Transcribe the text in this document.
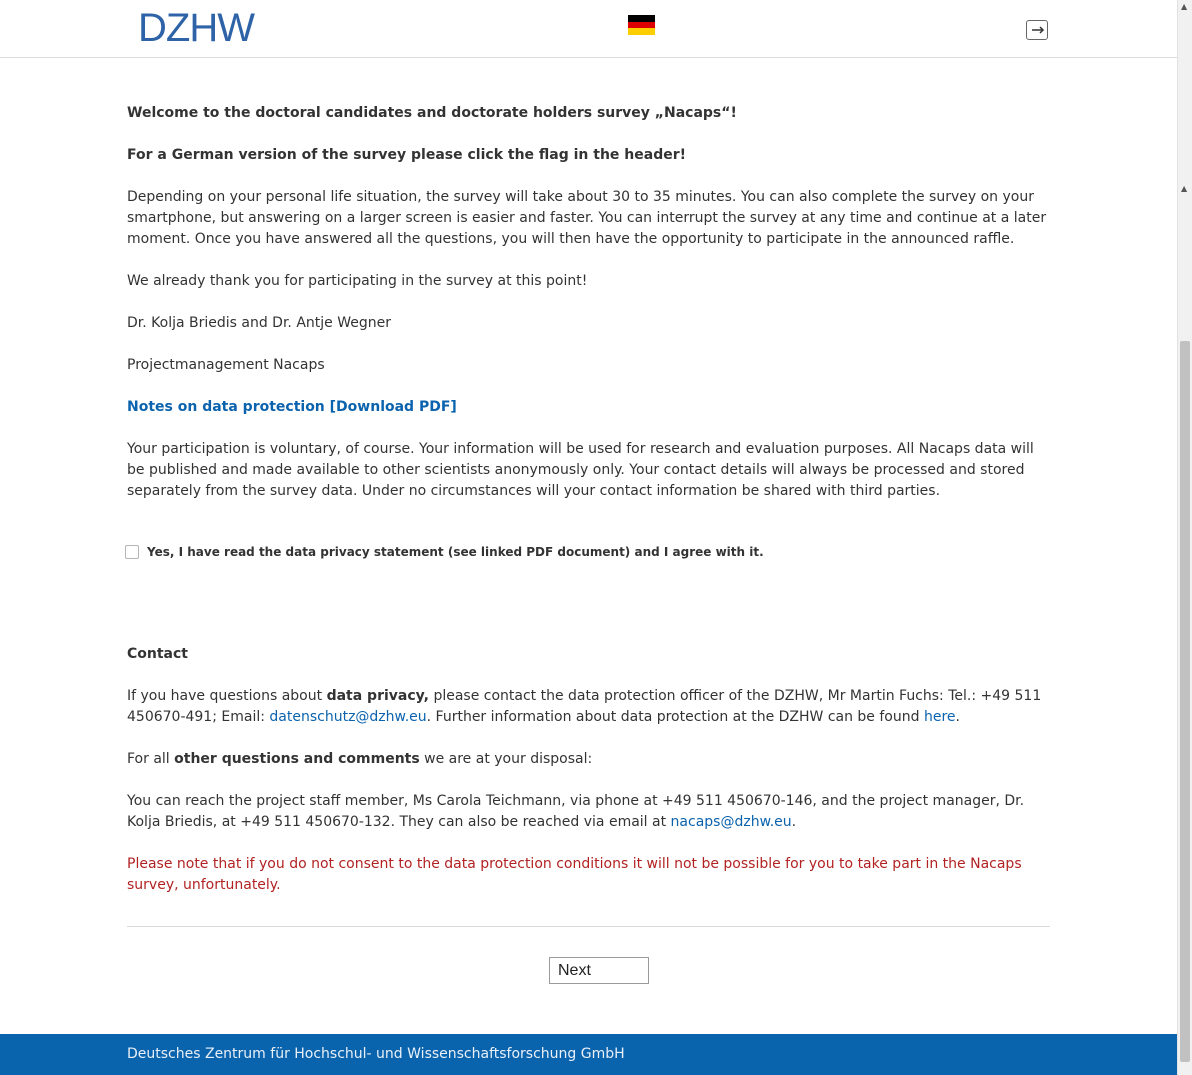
DZHW

Welcome to the doctoral candidates and doctorate holders survey „Nacaps“!

For a German version of the survey please click the flag in the header!

Depending on your personal life situation, the survey will take about 30 to 35 minutes. You can also complete the survey on your smartphone, but answering on a larger screen is easier and faster. You can interrupt the survey at any time and continue at a later moment. Once you have answered all the questions, you will then have the opportunity to participate in the announced raffle.

We already thank you for participating in the survey at this point!

Dr. Kolja Briedis and Dr. Antje Wegner

Projectmanagement Nacaps

Notes on data protection [Download PDF]

Your participation is voluntary, of course. Your information will be used for research and evaluation purposes. All Nacaps data will be published and made available to other scientists anonymously only. Your contact details will always be processed and stored separately from the survey data. Under no circumstances will your contact information be shared with third parties.

Yes, I have read the data privacy statement (see linked PDF document) and I agree with it.

Contact

If you have questions about data privacy, please contact the data protection officer of the DZHW, Mr Martin Fuchs: Tel.: +49 511 450670-491; Email: datenschutz@dzhw.eu. Further information about data protection at the DZHW can be found here.

For all other questions and comments we are at your disposal:

You can reach the project staff member, Ms Carola Teichmann, via phone at +49 511 450670-146, and the project manager, Dr. Kolja Briedis, at +49 511 450670-132. They can also be reached via email at nacaps@dzhw.eu.

Please note that if you do not consent to the data protection conditions it will not be possible for you to take part in the Nacaps survey, unfortunately.

Next
Deutsches Zentrum für Hochschul- und Wissenschaftsforschung GmbH
▲
▲
